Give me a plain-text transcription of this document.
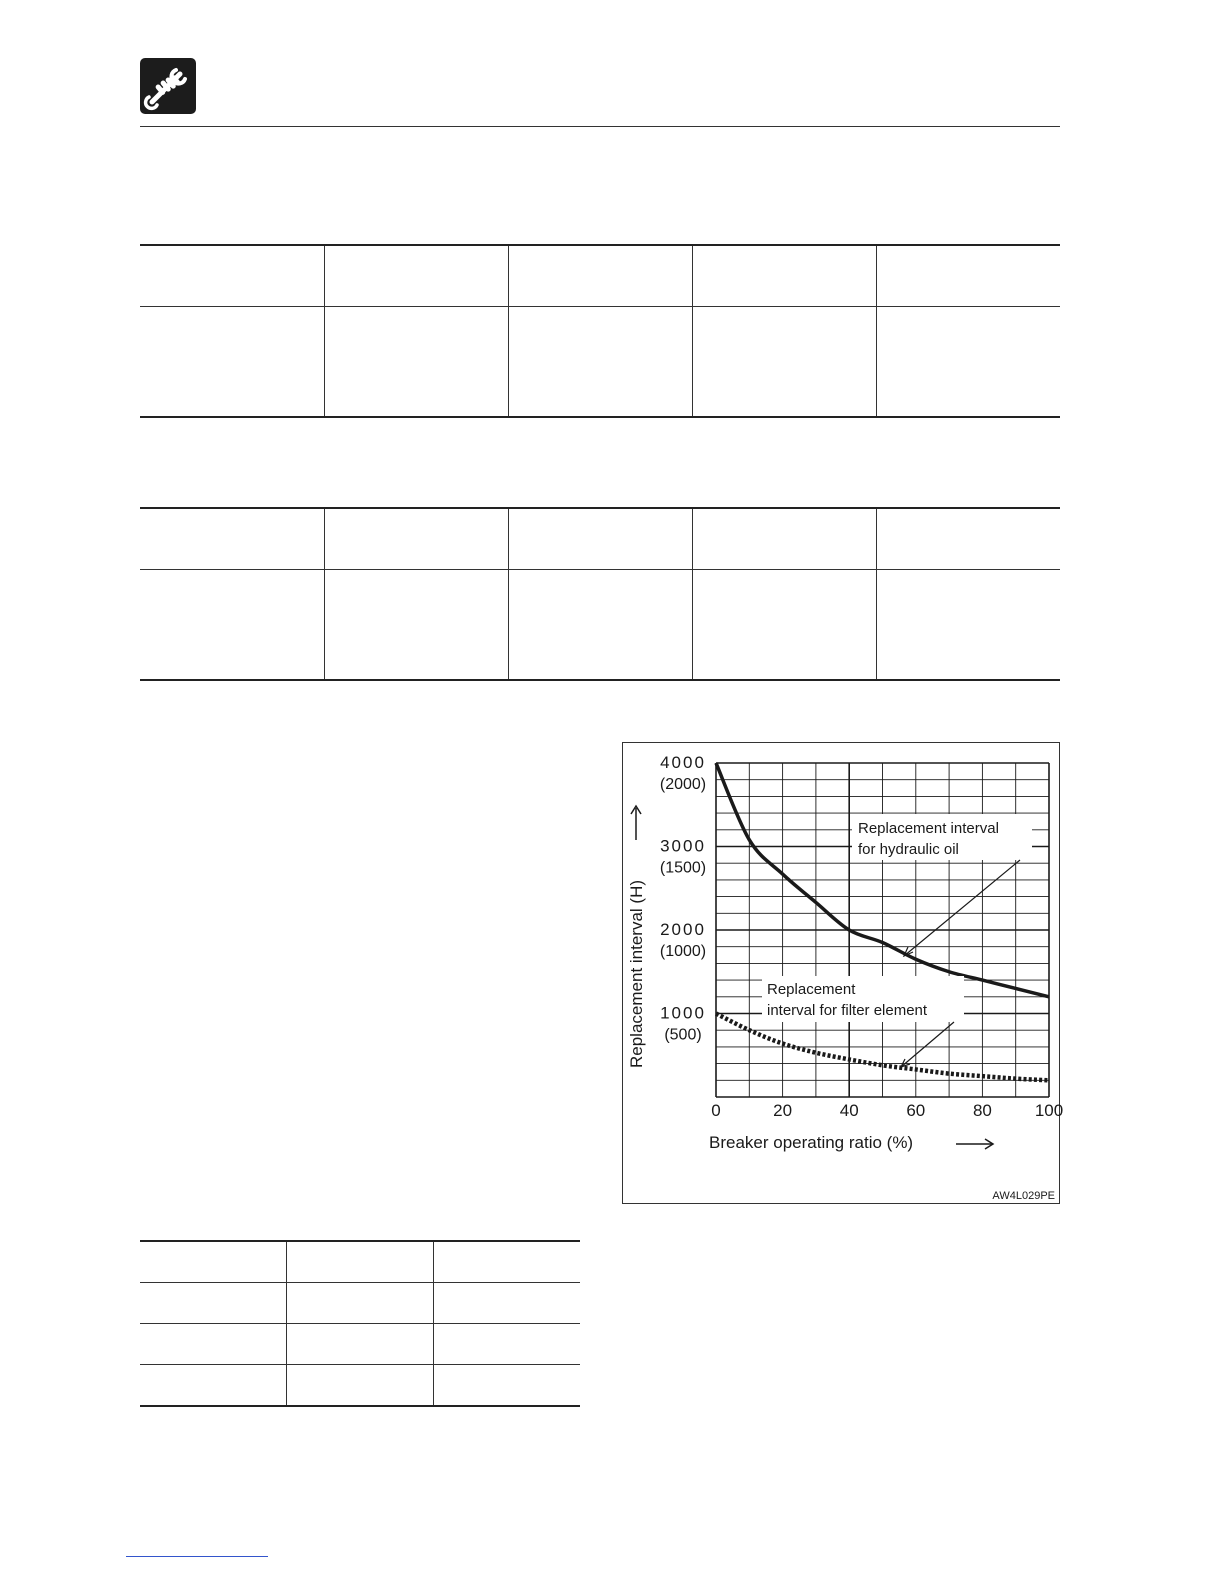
0	20	40	60	80	100
1000
(500)
2000
(1000)
3000
(1500)
4000
(2000)
Replacement interval (H)
Breaker operating ratio (%)
Replacement interval
for hydraulic oil
Replacement
interval for filter element
AW4L029PE
